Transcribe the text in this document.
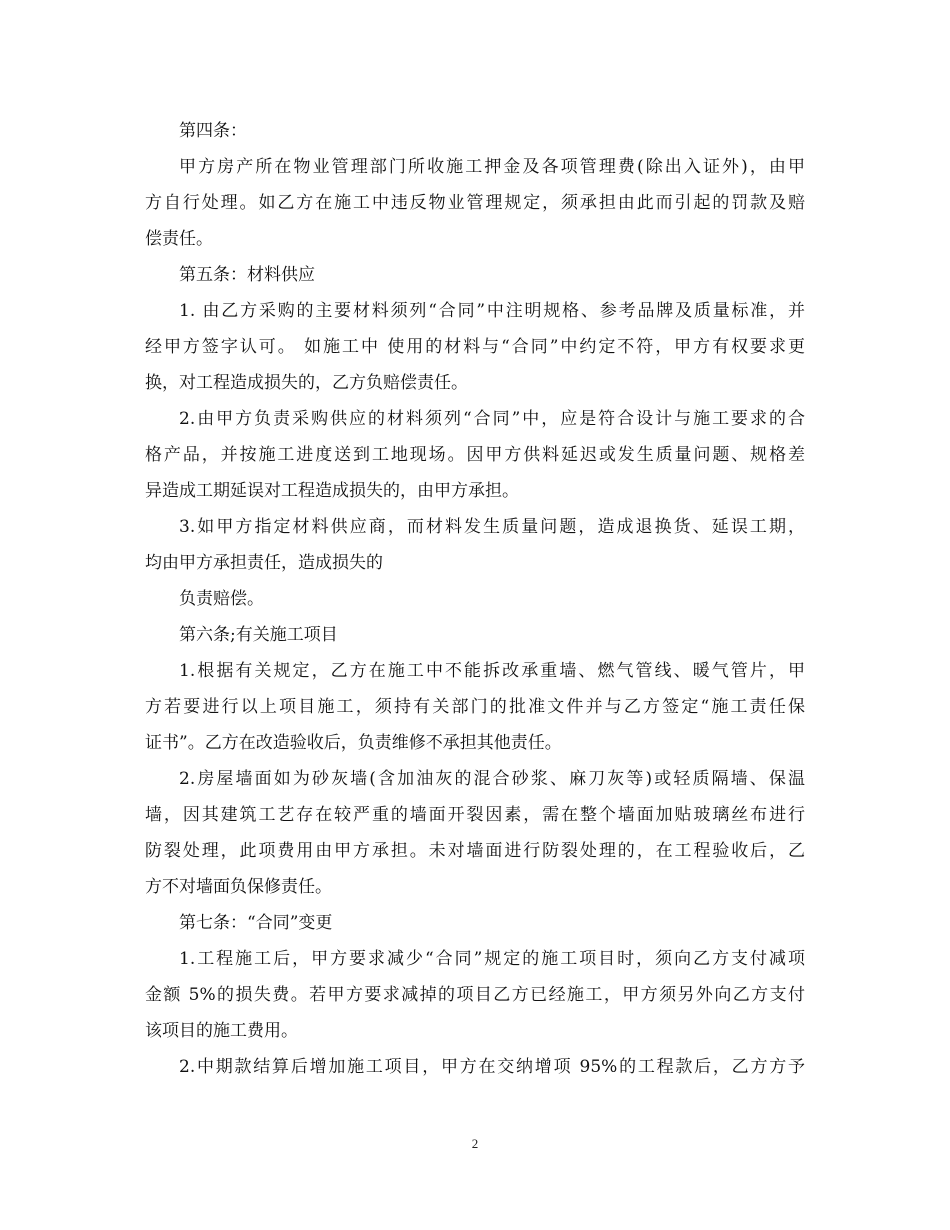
第四条：
甲方房产所在物业管理部门所收施工押金及各项管理费(除出入证外)，由甲
方自行处理。如乙方在施工中违反物业管理规定，须承担由此而引起的罚款及赔
偿责任。
第五条：材料供应
1. 由乙方采购的主要材料须列“合同”中注明规格、参考品牌及质量标准，并
经甲方签字认可。 如施工中 使用的材料与“合同”中约定不符，甲方有权要求更
换，对工程造成损失的，乙方负赔偿责任。
2.由甲方负责采购供应的材料须列“合同”中，应是符合设计与施工要求的合
格产品，并按施工进度送到工地现场。因甲方供料延迟或发生质量问题、规格差
异造成工期延误对工程造成损失的，由甲方承担。
3.如甲方指定材料供应商，而材料发生质量问题，造成退换货、延误工期，
均由甲方承担责任，造成损失的
负责赔偿。
第六条;有关施工项目
1.根据有关规定，乙方在施工中不能拆改承重墙、燃气管线、暖气管片，甲
方若要进行以上项目施工，须持有关部门的批准文件并与乙方签定“施工责任保
证书”。乙方在改造验收后，负责维修不承担其他责任。
2.房屋墙面如为砂灰墙(含加油灰的混合砂浆、麻刀灰等)或轻质隔墙、保温
墙，因其建筑工艺存在较严重的墙面开裂因素，需在整个墙面加贴玻璃丝布进行
防裂处理，此项费用由甲方承担。未对墙面进行防裂处理的，在工程验收后，乙
方不对墙面负保修责任。
第七条：“合同”变更
1.工程施工后，甲方要求减少“合同”规定的施工项目时，须向乙方支付减项
金额 5%的损失费。若甲方要求减掉的项目乙方已经施工，甲方须另外向乙方支付
该项目的施工费用。
2.中期款结算后增加施工项目，甲方在交纳增项 95%的工程款后，乙方方予
2
